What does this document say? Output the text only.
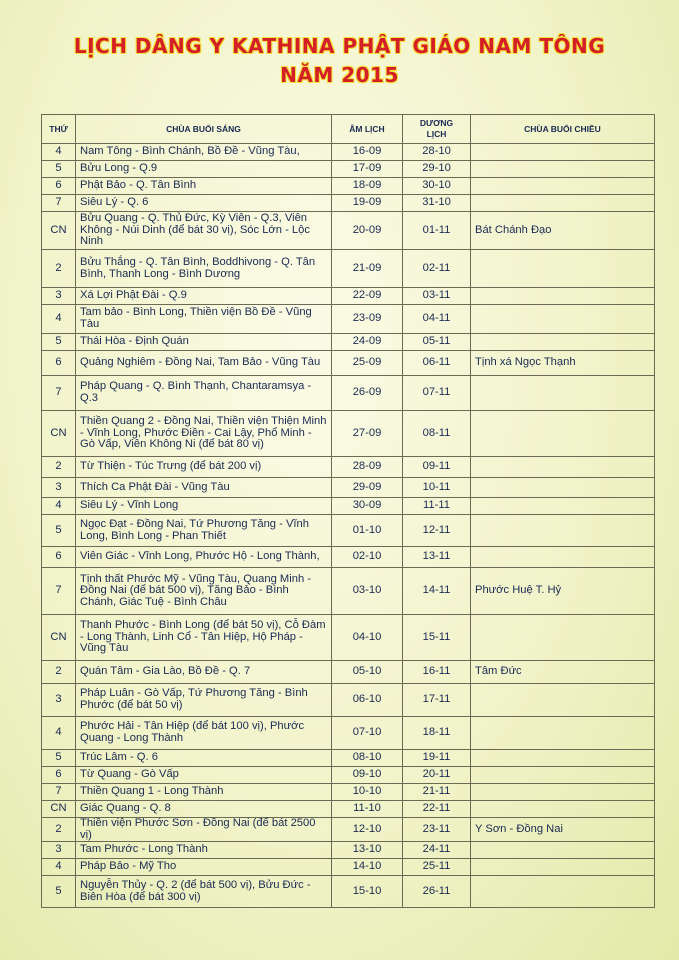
LỊCH DÂNG Y KATHINA PHẬT GIÁO NAM TÔNG
NĂM 2015
THỨ	CHÙA BUỔI SÁNG	ÂM LỊCH	DƯƠNG LỊCH	CHÙA BUỔI CHIỀU
4	Nam Tông - Bình Chánh, Bồ Đề - Vũng Tàu,	16-09	28-10	
5	Bửu Long - Q.9	17-09	29-10	
6	Phật Bảo - Q. Tân Bình	18-09	30-10	
7	Siêu Lý - Q. 6	19-09	31-10	
CN	Bửu Quang - Q. Thủ Đức, Kỳ Viên - Q.3, Viên Không - Núi Dinh (để bát 30 vị), Sóc Lớn - Lộc Ninh	20-09	01-11	Bát Chánh Đạo
2	Bửu Thắng - Q. Tân Bình, Boddhivong - Q. Tân Bình, Thanh Long - Bình Dương	21-09	02-11	
3	Xá Lợi Phật Đài - Q.9	22-09	03-11	
4	Tam bảo - Bình Long, Thiền viện Bồ Đề - Vũng Tàu	23-09	04-11	
5	Thái Hòa - Định Quán	24-09	05-11	
6	Quảng Nghiêm - Đồng Nai, Tam Bảo - Vũng Tàu	25-09	06-11	Tịnh xá Ngọc Thạnh
7	Pháp Quang - Q. Bình Thạnh, Chantaramsya - Q.3	26-09	07-11	
CN	Thiền Quang 2 - Đồng Nai, Thiền viện Thiện Minh - Vĩnh Long, Phước Điền - Cai Lậy, Phổ Minh - Gò Vấp, Viên Không Ni (để bát 80 vị)	27-09	08-11	
2	Từ Thiện - Túc Trưng (để bát 200 vị)	28-09	09-11	
3	Thích Ca Phật Đài - Vũng Tàu	29-09	10-11	
4	Siêu Lý - Vĩnh Long	30-09	11-11	
5	Ngọc Đạt - Đồng Nai, Tứ Phương Tăng - Vĩnh Long, Bình Long - Phan Thiết	01-10	12-11	
6	Viên Giác - Vĩnh Long, Phước Hộ - Long Thành,	02-10	13-11	
7	Tịnh thất Phước Mỹ - Vũng Tàu, Quang Minh - Đồng Nai (để bát 500 vị), Tăng Bảo - Bình Chánh, Giác Tuệ - Bình Châu	03-10	14-11	Phước Huệ T. Hỷ
CN	Thanh Phước - Bình Long (để bát 50 vị), Cỗ Đàm - Long Thành, Linh Cổ - Tân Hiệp, Hộ Pháp - Vũng Tàu	04-10	15-11	
2	Quán Tâm - Gia Lào, Bồ Đề - Q. 7	05-10	16-11	Tâm Đức
3	Pháp Luân - Gò Vấp, Tứ Phương Tăng - Bình Phước (để bát 50 vị)	06-10	17-11	
4	Phước Hải - Tân Hiệp (để bát 100 vị), Phước Quang - Long Thành	07-10	18-11	
5	Trúc Lâm - Q. 6	08-10	19-11	
6	Từ Quang - Gò Vấp	09-10	20-11	
7	Thiền Quang 1 - Long Thành	10-10	21-11	
CN	Giác Quang - Q. 8	11-10	22-11	
2	Thiền viện Phước Sơn - Đồng Nai (để bát 2500 vị)	12-10	23-11	Y Sơn - Đồng Nai
3	Tam Phước - Long Thành	13-10	24-11	
4	Pháp Bảo - Mỹ Tho	14-10	25-11	
5	Nguyễn Thủy - Q. 2 (để bát 500 vị), Bửu Đức - Biên Hòa (để bát 300 vị)	15-10	26-11	
